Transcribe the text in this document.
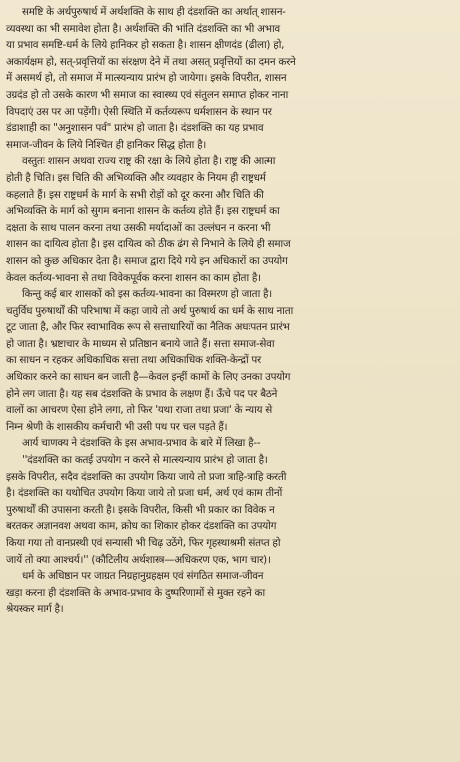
समष्टि के अर्थपुरुषार्थ में अर्थशक्ति के साथ ही दंडशक्ति का अर्थात् शासन-
व्यवस्था का भी समावेश होता है। अर्थशक्ति की भांति दंडशक्ति का भी अभाव
या प्रभाव समष्टि-धर्म के लिये हानिकर हो सकता है। शासन क्षीणदंड (ढीला) हो,
अकार्यक्षम हो, सत्-प्रवृत्तियों का संरक्षण देने में तथा असत् प्रवृत्तियों का दमन करने
में असमर्थ हो, तो समाज में मात्स्यन्याय प्रारंभ हो जायेगा। इसके विपरीत, शासन
उग्रदंड हो तो उसके कारण भी समाज का स्वास्थ्य एवं संतुलन समाप्त होकर नाना
विपदाएं उस पर आ पड़ेंगी। ऐसी स्थिति में कर्तव्यरूप धर्मशासन के स्थान पर
डंडाशाही का "अनुशासन पर्व" प्रारंभ हो जाता है। दंडशक्ति का यह प्रभाव
समाज-जीवन के लिये निश्चित ही हानिकर सिद्ध होता है।
वस्तुतः शासन अथवा राज्य राष्ट्र की रक्षा के लिये होता है। राष्ट्र की आत्मा
होती है चिति। इस चिति की अभिव्यक्ति और व्यवहार के नियम ही राष्ट्रधर्म
कहलाते हैं। इस राष्ट्रधर्म के मार्ग के सभी रोड़ों को दूर करना और चिति की
अभिव्यक्ति के मार्ग को सुगम बनाना शासन के कर्तव्य होते हैं। इस राष्ट्रधर्म का
दक्षता के साथ पालन करना तथा उसकी मर्यादाओं का उल्लंघन न करना भी
शासन का दायित्व होता है। इस दायित्व को ठीक ढंग से निभाने के लिये ही समाज
शासन को कुछ अधिकार देता है। समाज द्वारा दिये गये इन अधिकारों का उपयोग
केवल कर्तव्य-भावना से तथा विवेकपूर्वक करना शासन का काम होता है।
किन्तु कई बार शासकों को इस कर्तव्य-भावना का विस्मरण हो जाता है।
चतुर्विध पुरुषार्थों की परिभाषा में कहा जाये तो अर्थ पुरुषार्थ का धर्म के साथ नाता
टूट जाता है, और फिर स्वाभाविक रूप से सत्ताधारियों का नैतिक अधःपतन प्रारंभ
हो जाता है। भ्रष्टाचार के माध्यम से प्रतिष्ठान बनाये जाते हैं। सत्ता समाज-सेवा
का साधन न रहकर अधिकाधिक सत्ता तथा अधिकाधिक शक्ति-केन्द्रों पर
अधिकार करने का साधन बन जाती है—केवल इन्हीं कामों के लिए उनका उपयोग
होने लग जाता है। यह सब दंडशक्ति के प्रभाव के लक्षण हैं। ऊँचे पद पर बैठने
वालों का आचरण ऐसा होने लगा, तो फिर 'यथा राजा तथा प्रजा' के न्याय से
निम्न श्रेणी के शासकीय कर्मचारी भी उसी पथ पर चल पड़ते हैं।
आर्य चाणक्य ने दंडशक्ति के इस अभाव-प्रभाव के बारे में लिखा है--
''दंडशक्ति का कतई उपयोग न करने से मात्स्यन्याय प्रारंभ हो जाता है।
इसके विपरीत, सदैव दंडशक्ति का उपयोग किया जाये तो प्रजा त्राहि-त्राहि करती
है। दंडशक्ति का यथोचित उपयोग किया जाये तो प्रजा धर्म, अर्थ एवं काम तीनों
पुरुषार्थों की उपासना करती है। इसके विपरीत, किसी भी प्रकार का विवेक न
बरतकर अज्ञानवश अथवा काम, क्रोध का शिकार होकर दंडशक्ति का उपयोग
किया गया तो वानप्रस्थी एवं सन्यासी भी चिढ़ उठेंगे, फिर गृहस्थाश्रमी संतप्त हो
जायें तो क्या आश्चर्य।'' (कौटिलीय अर्थशास्त्र—अधिकरण एक, भाग चार)।
धर्म के अधिष्ठान पर जाग्रत निग्रहानुग्रहक्षम एवं संगठित समाज-जीवन
खड़ा करना ही दंडशक्ति के अभाव-प्रभाव के दुष्परिणामों से मुक्त रहने का
श्रेयस्कर मार्ग है।
